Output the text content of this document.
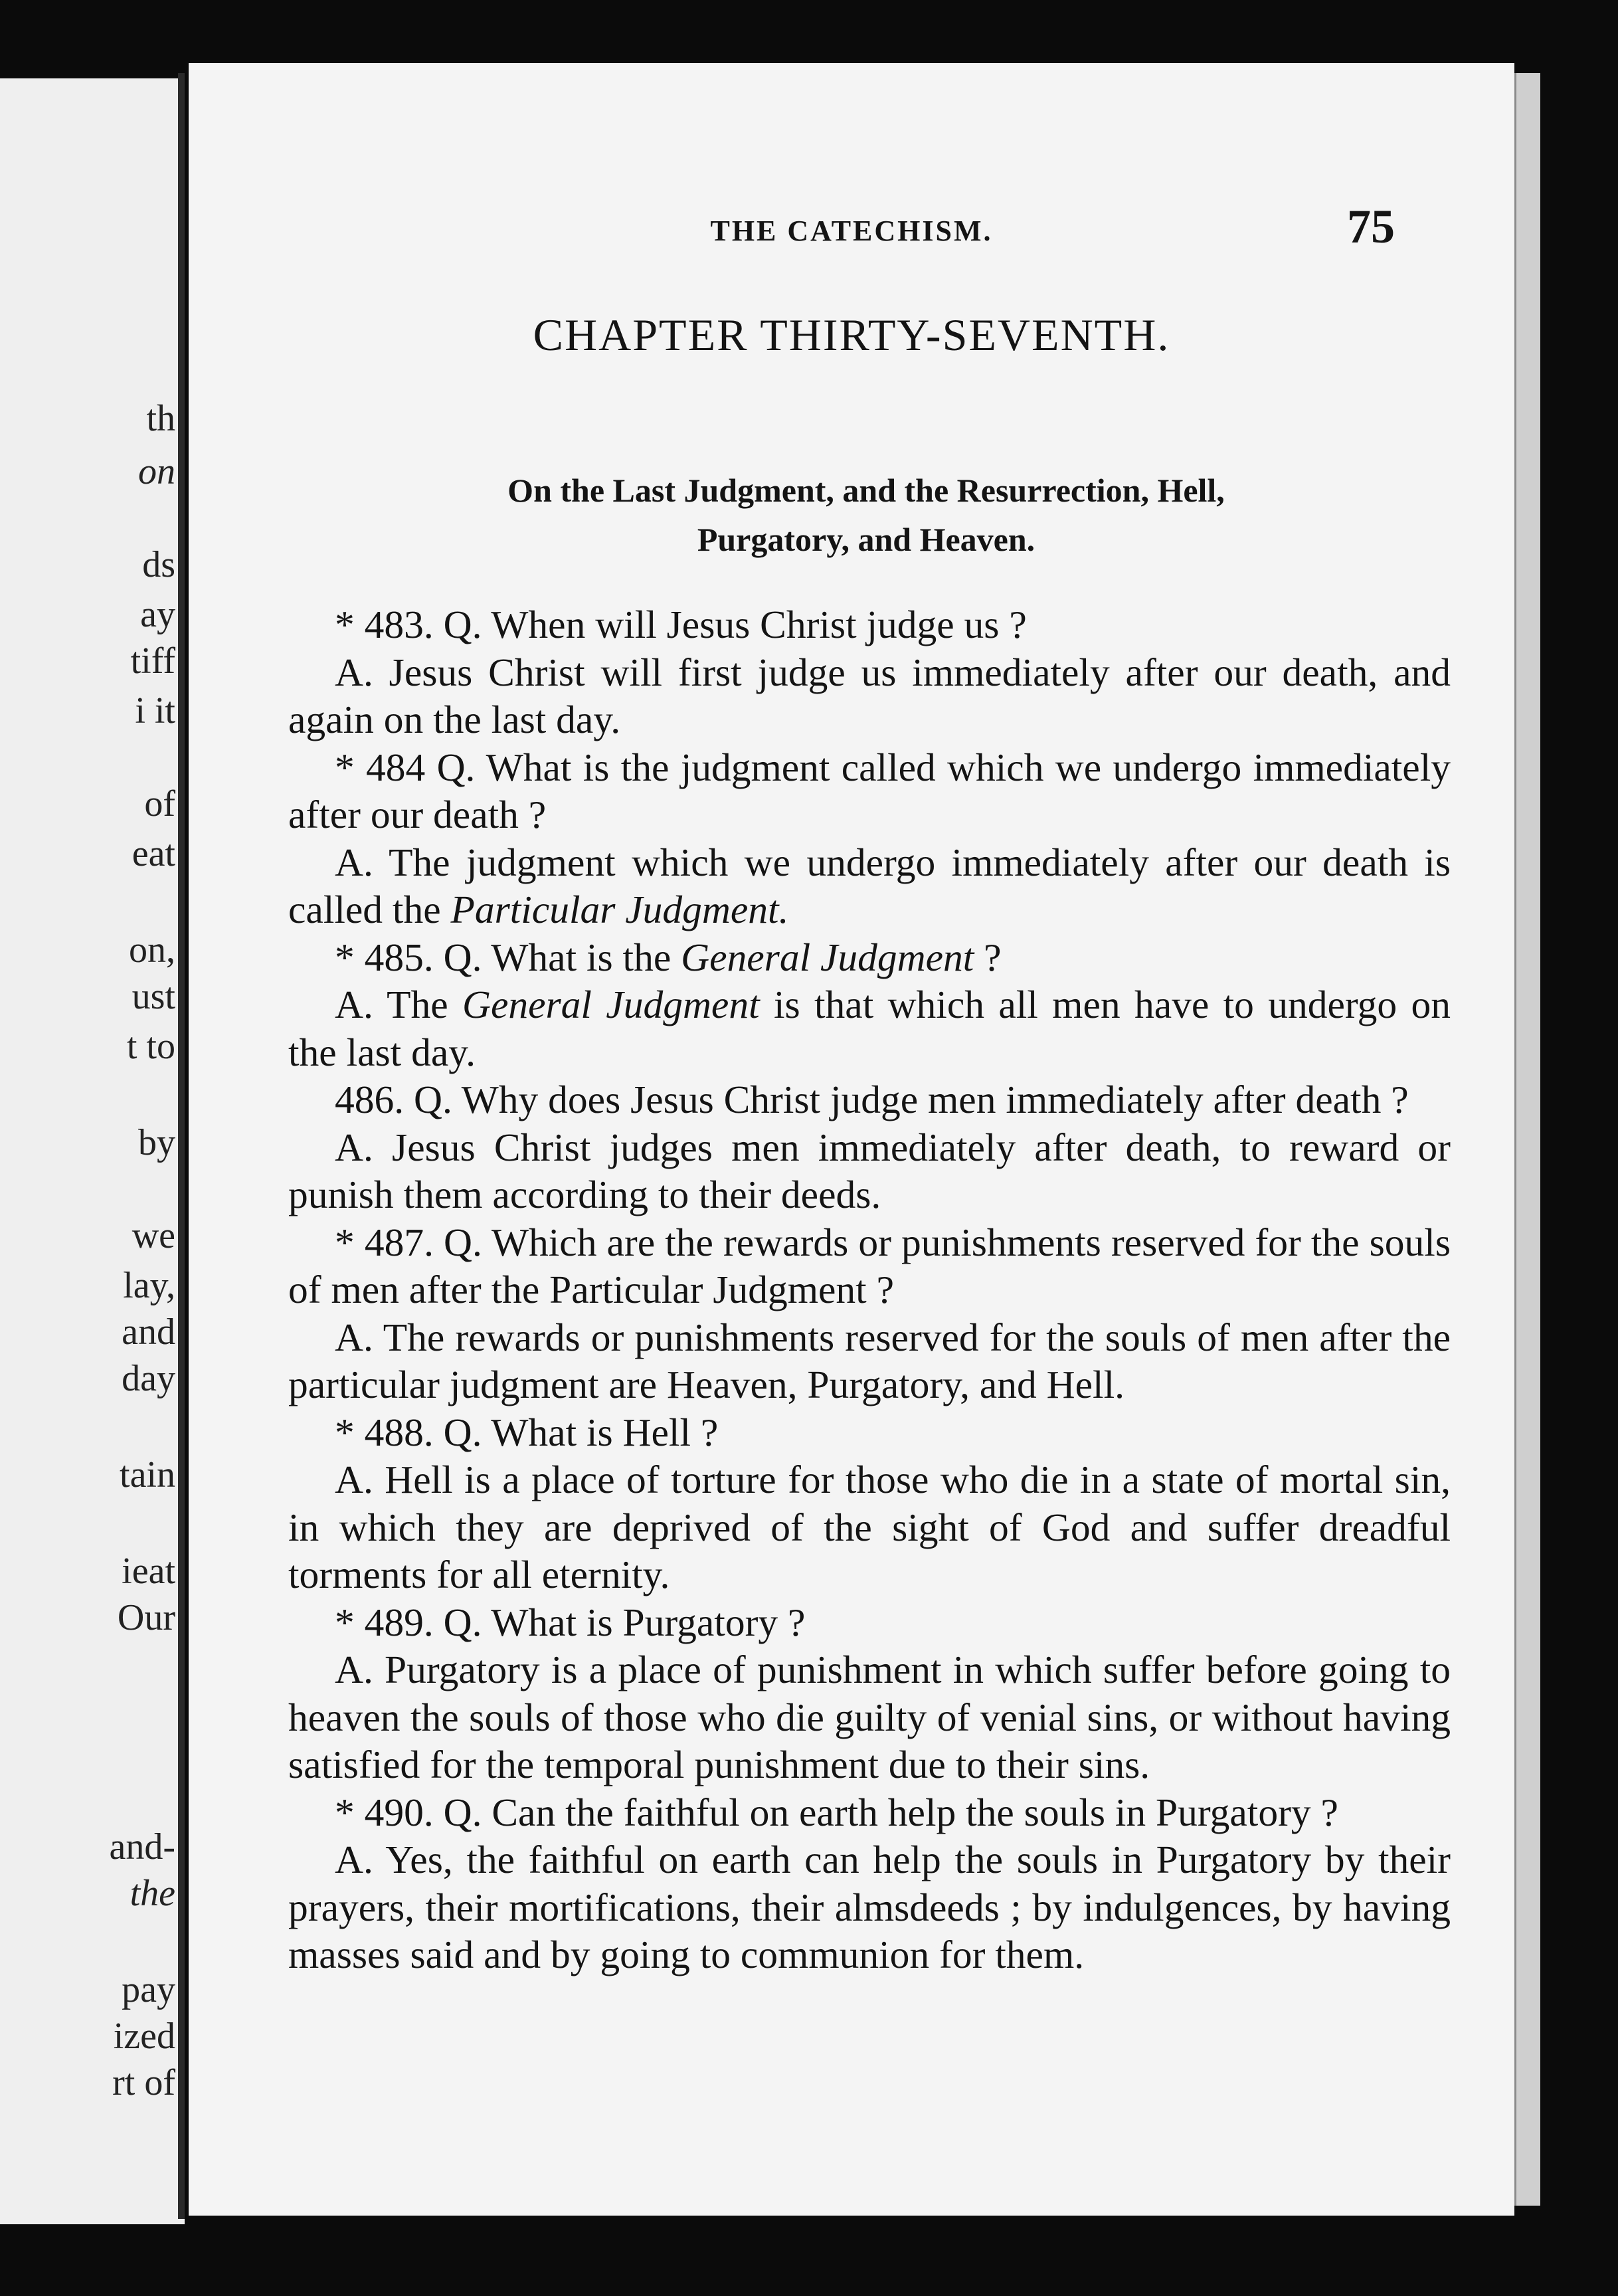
th
on
ds
ay
tiff
i it
of
eat
on,
ust
t to
by
we
lay,
and
day
tain
ieat
Our
and-
the
pay
ized
rt of
THE CATECHISM.	75
CHAPTER THIRTY-SEVENTH.
On the Last Judgment, and the Resurrection, Hell,
Purgatory, and Heaven.

* 483. Q. When will Jesus Christ judge us ?

A. Jesus Christ will first judge us immediately after our death, and again on the last day.

* 484 Q. What is the judgment called which we undergo immediately after our death ?

A. The judgment which we undergo immediately after our death is called the Particular Judgment.

* 485. Q. What is the General Judgment ?

A. The General Judgment is that which all men have to undergo on the last day.

486. Q. Why does Jesus Christ judge men immediately after death ?

A. Jesus Christ judges men immediately after death, to reward or punish them according to their deeds.

* 487. Q. Which are the rewards or punishments reserved for the souls of men after the Particular Judgment ?

A. The rewards or punishments reserved for the souls of men after the particular judgment are Heaven, Purgatory, and Hell.

* 488. Q. What is Hell ?

A. Hell is a place of torture for those who die in a state of mortal sin, in which they are deprived of the sight of God and suffer dreadful torments for all eternity.

* 489. Q. What is Purgatory ?

A. Purgatory is a place of punishment in which suffer before going to heaven the souls of those who die guilty of venial sins, or without having satisfied for the temporal punishment due to their sins.

* 490. Q. Can the faithful on earth help the souls in Purgatory ?

A. Yes, the faithful on earth can help the souls in Purgatory by their prayers, their mortifications, their almsdeeds ; by indulgences, by having masses said and by going to communion for them.
